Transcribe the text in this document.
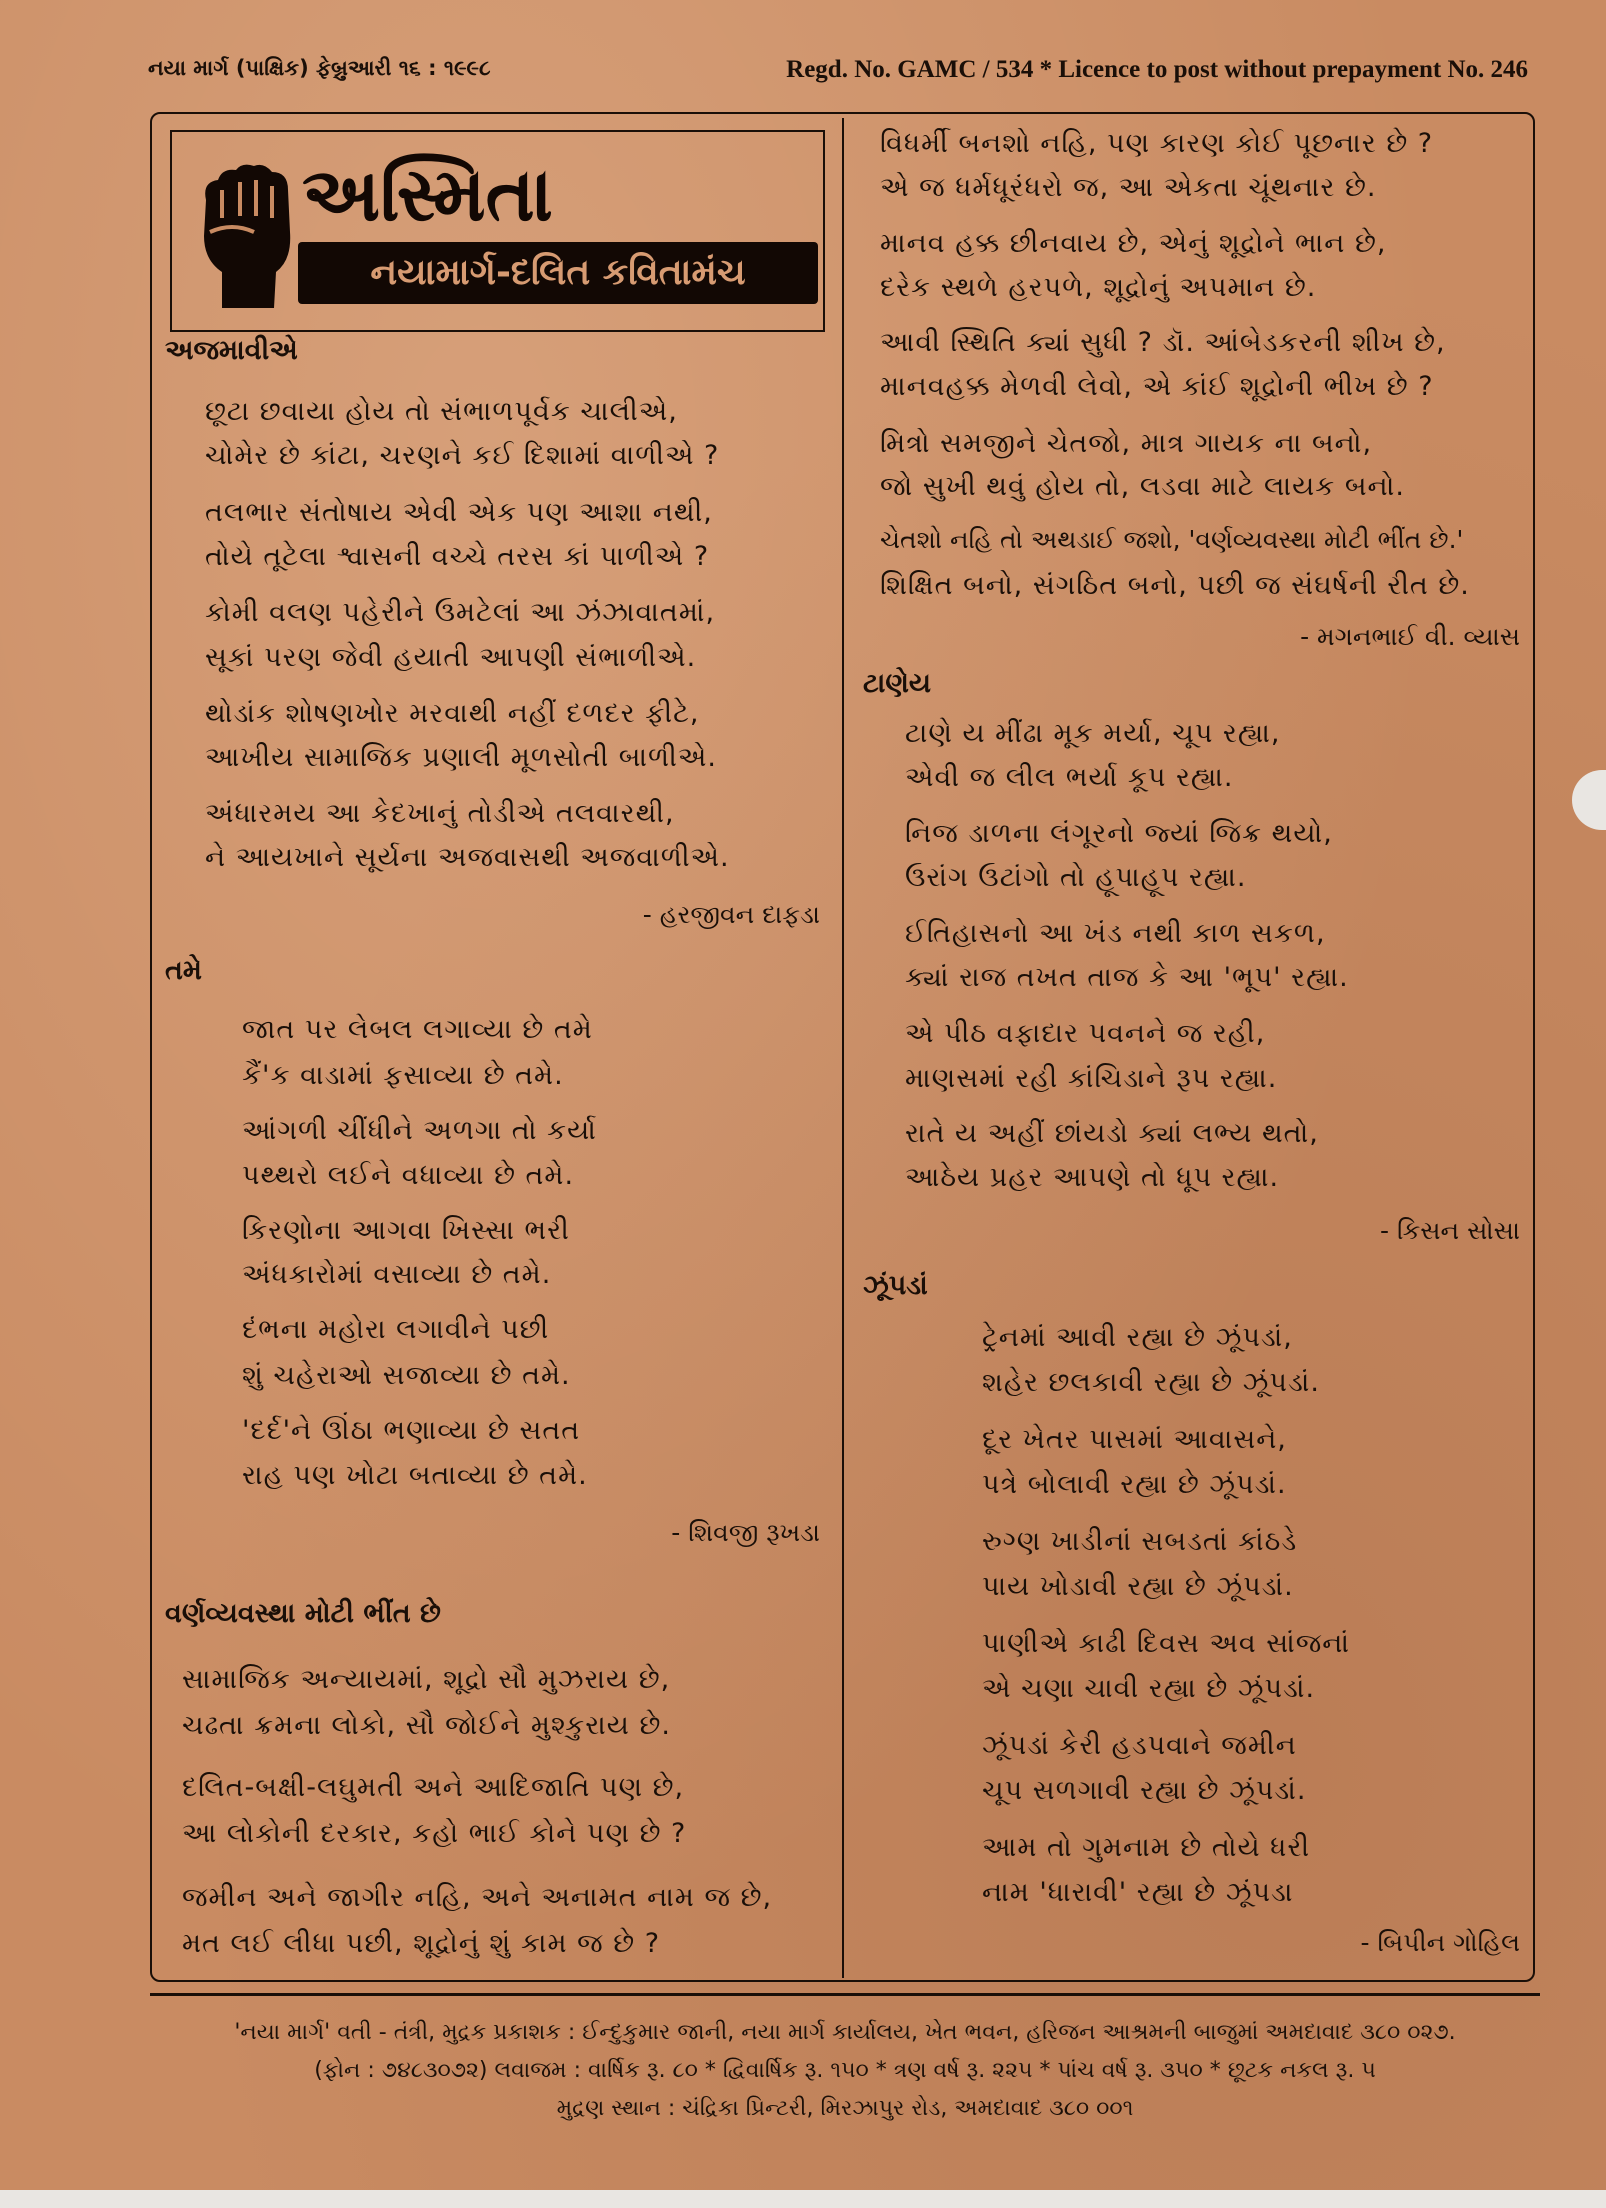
નયા માર્ગ (પાક્ષિક) ફેબ્રુઆરી ૧૬ : ૧૯૯૮	Regd. No. GAMC / 534 * Licence to post without prepayment No. 246
અસ્મિતા
નયામાર્ગ-દલિત કવિતામંચ
અજમાવીએ
છૂટા છવાયા હોય તો સંભાળપૂર્વક ચાલીએ,
ચોમેર છે કાંટા, ચરણને કઈ દિશામાં વાળીએ ?
તલભાર સંતોષાય એવી એક પણ આશા નથી,
તોયે તૂટેલા શ્વાસની વચ્ચે તરસ કાં પાળીએ ?
કોમી વલણ પહેરીને ઉમટેલાં આ ઝંઝાવાતમાં,
સૂકાં પરણ જેવી હયાતી આપણી સંભાળીએ.
થોડાંક શોષણખોર મરવાથી નહીં દળદર ફીટે,
આખીય સામાજિક પ્રણાલી મૂળસોતી બાળીએ.
અંધારમય આ કેદખાનું તોડીએ તલવારથી,
ને આયખાને સૂર્યના અજવાસથી અજવાળીએ.
- હરજીવન દાફડા
તમે
જાત પર લેબલ લગાવ્યા છે તમે
કૈં'ક વાડામાં ફસાવ્યા છે તમે.
આંગળી ચીંધીને અળગા તો કર્યા
પથ્થરો લઈને વધાવ્યા છે તમે.
કિરણોના આગવા ખિસ્સા ભરી
અંધકારોમાં વસાવ્યા છે તમે.
દંભના મહોરા લગાવીને પછી
શું ચહેરાઓ સજાવ્યા છે તમે.
'દર્દ'ને ઊંઠા ભણાવ્યા છે સતત
રાહ પણ ખોટા બતાવ્યા છે તમે.
- શિવજી રૂખડા
વર્ણવ્યવસ્થા મોટી ભીંત છે
સામાજિક અન્યાયમાં, શૂદ્રો સૌ મુઝરાય છે,
ચઢતા ક્રમના લોકો, સૌ જોઈને મુશ્કુરાય છે.
દલિત-બક્ષી-લઘુમતી અને આદિજાતિ પણ છે,
આ લોકોની દરકાર, કહો ભાઈ કોને પણ છે ?
જમીન અને જાગીર નહિ, અને અનામત નામ જ છે,
મત લઈ લીધા પછી, શૂદ્રોનું શું કામ જ છે ?
વિધર્મી બનશો નહિ, પણ કારણ કોઈ પૂછનાર છે ?
એ જ ધર્મધૂરંધરો જ, આ એકતા ચૂંથનાર છે.
માનવ હક્ક છીનવાય છે, એનું શૂદ્રોને ભાન છે,
દરેક સ્થળે હરપળે, શૂદ્રોનું અપમાન છે.
આવી સ્થિતિ ક્યાં સુધી ? ડૉ. આંબેડકરની શીખ છે,
માનવહક્ક મેળવી લેવો, એ કાંઈ શૂદ્રોની ભીખ છે ?
મિત્રો સમજીને ચેતજો, માત્ર ગાયક ના બનો,
જો સુખી થવું હોય તો, લડવા માટે લાયક બનો.
ચેતશો નહિ તો અથડાઈ જશો, 'વર્ણવ્યવસ્થા મોટી ભીંત છે.'
શિક્ષિત બનો, સંગઠિત બનો, પછી જ સંઘર્ષની રીત છે.
- મગનભાઈ વી. વ્યાસ
ટાણેય
ટાણે ય મીંઢા મૂક મર્યા, ચૂપ રહ્યા,
એવી જ લીલ ભર્યા કૂપ રહ્યા.
નિજ ડાળના લંગૂરનો જ્યાં જિક્ર થયો,
ઉરાંગ ઉટાંગો તો હૂપાહૂપ રહ્યા.
ઈતિહાસનો આ ખંડ નથી કાળ સકળ,
ક્યાં રાજ તખત તાજ કે આ 'ભૂપ' રહ્યા.
એ પીઠ વફાદાર પવનને જ રહી,
માણસમાં રહી કાંચિડાને રૂપ રહ્યા.
રાતે ય અહીં છાંયડો ક્યાં લભ્ય થતો,
આઠેય પ્રહર આપણે તો ધૂપ રહ્યા.
- કિસન સોસા
ઝૂંપડાં
ટ્રેનમાં આવી રહ્યા છે ઝૂંપડાં,
શહેર છલકાવી રહ્યા છે ઝૂંપડાં.
દૂર ખેતર પાસમાં આવાસને,
પત્રે બોલાવી રહ્યા છે ઝૂંપડાં.
રુગ્ણ ખાડીનાં સબડતાં કાંઠડે
પાય ખોડાવી રહ્યા છે ઝૂંપડાં.
પાણીએ કાઢી દિવસ અવ સાંજનાં
એ ચણા ચાવી રહ્યા છે ઝૂંપડાં.
ઝૂંપડાં કેરી હડપવાને જમીન
ચૂપ સળગાવી રહ્યા છે ઝૂંપડાં.
આમ તો ગુમનામ છે તોયે ધરી
નામ 'ધારાવી' રહ્યા છે ઝૂંપડા
- બિપીન ગોહિલ
'નયા માર્ગ' વતી - તંત્રી, મુદ્રક પ્રકાશક : ઈન્દુકુમાર જાની, નયા માર્ગ કાર્યાલય, ખેત ભવન, હરિજન આશ્રમની બાજુમાં અમદાવાદ ૩૮૦ ૦૨૭.
(ફોન : ૭૪૮૩૦૭૨) લવાજમ : વાર્ષિક રૂ. ૮૦ * દ્વિવાર્ષિક રૂ. ૧૫૦ * ત્રણ વર્ષ રૂ. ૨૨૫ * પાંચ વર્ષ રૂ. ૩૫૦ * છૂટક નકલ રૂ. ૫
મુદ્રણ સ્થાન : ચંદ્રિકા પ્રિન્ટરી, મિરઝાપુર રોડ, અમદાવાદ ૩૮૦ ૦૦૧
